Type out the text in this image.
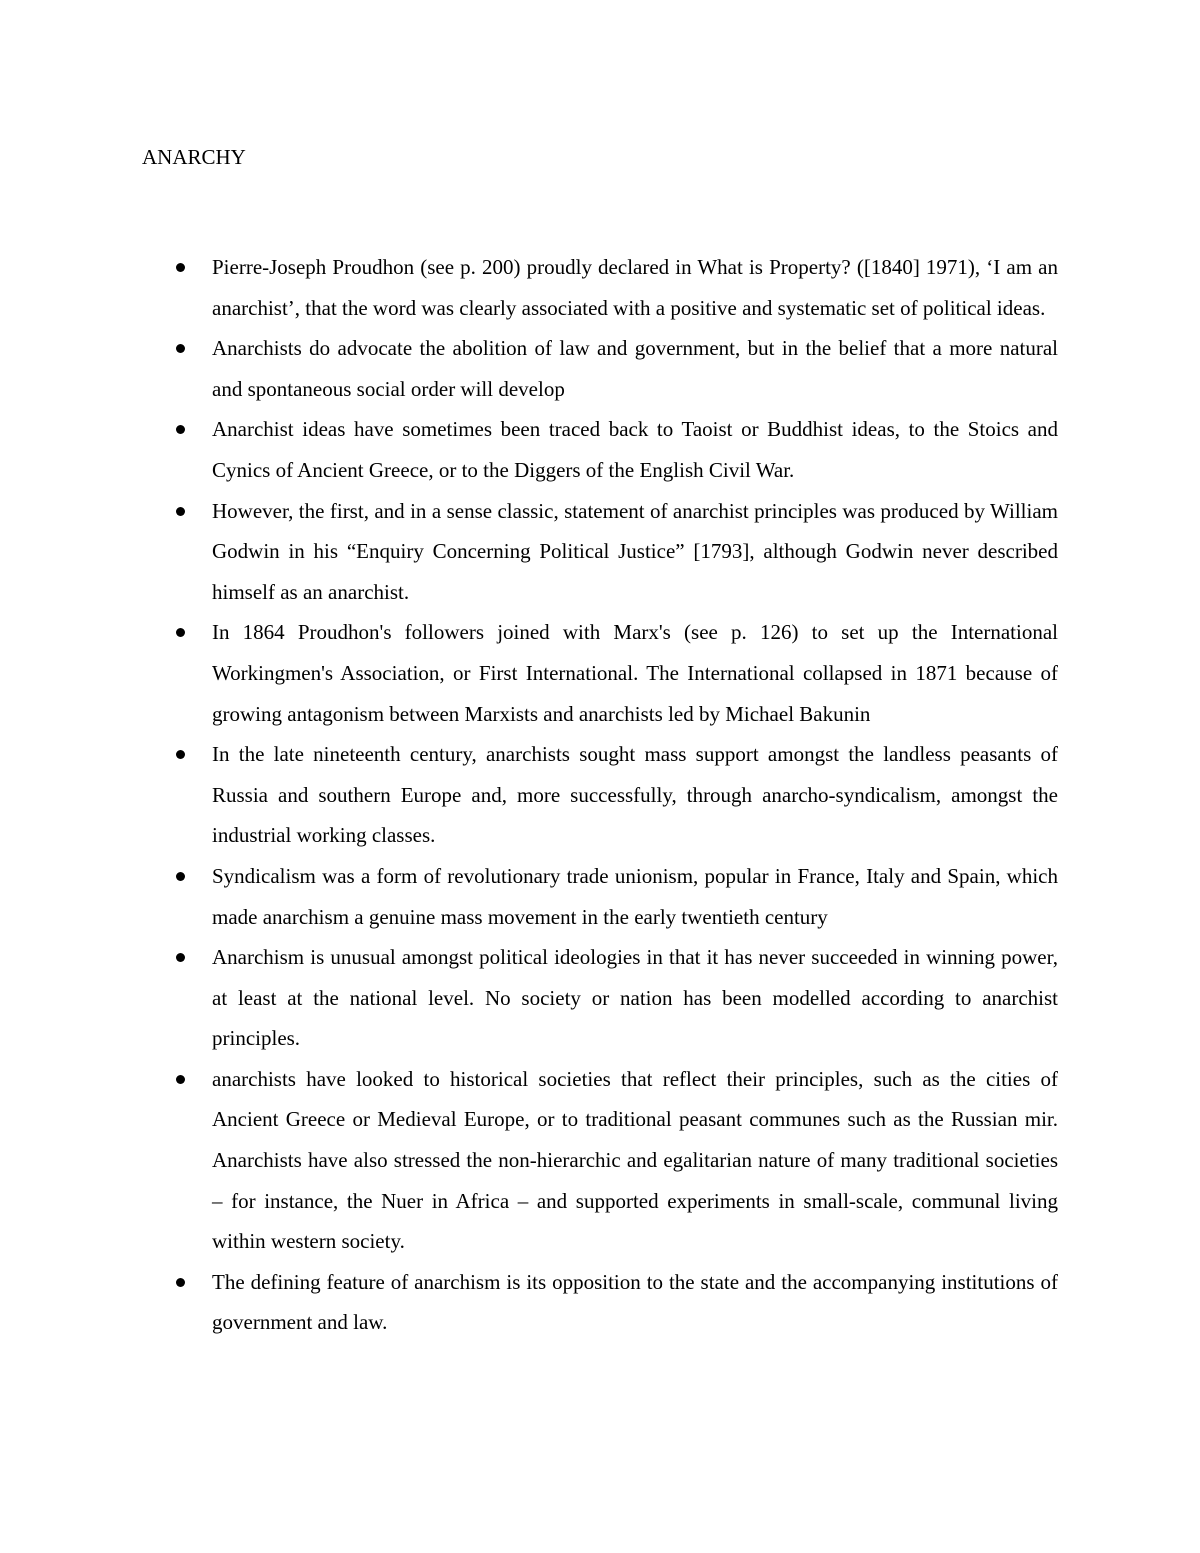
ANARCHY
Pierre-Joseph Proudhon (see p. 200) proudly declared in What is Property? ([1840] 1971), ‘I am an anarchist’, that the word was clearly associated with a positive and systematic set of political ideas.
Anarchists do advocate the abolition of law and government, but in the belief that a more natural and spontaneous social order will develop
Anarchist ideas have sometimes been traced back to Taoist or Buddhist ideas, to the Stoics and Cynics of Ancient Greece, or to the Diggers of the English Civil War.
However, the first, and in a sense classic, statement of anarchist principles was produced by William Godwin in his “Enquiry Concerning Political Justice” [1793], although Godwin never described himself as an anarchist.
In 1864 Proudhon's followers joined with Marx's (see p. 126) to set up the International Workingmen's Association, or First International. The International collapsed in 1871 because of growing antagonism between Marxists and anarchists led by Michael Bakunin
In the late nineteenth century, anarchists sought mass support amongst the landless peasants of Russia and southern Europe and, more successfully, through anarcho-syndicalism, amongst the industrial working classes.
Syndicalism was a form of revolutionary trade unionism, popular in France, Italy and Spain, which made anarchism a genuine mass movement in the early twentieth century
Anarchism is unusual amongst political ideologies in that it has never succeeded in winning power, at least at the national level. No society or nation has been modelled according to anarchist principles.
anarchists have looked to historical societies that reflect their principles, such as the cities of Ancient Greece or Medieval Europe, or to traditional peasant communes such as the Russian mir. Anarchists have also stressed the non-hierarchic and egalitarian nature of many traditional societies – for instance, the Nuer in Africa – and supported experiments in small-scale, communal living within western society.
The defining feature of anarchism is its opposition to the state and the accompanying institutions of government and law.
